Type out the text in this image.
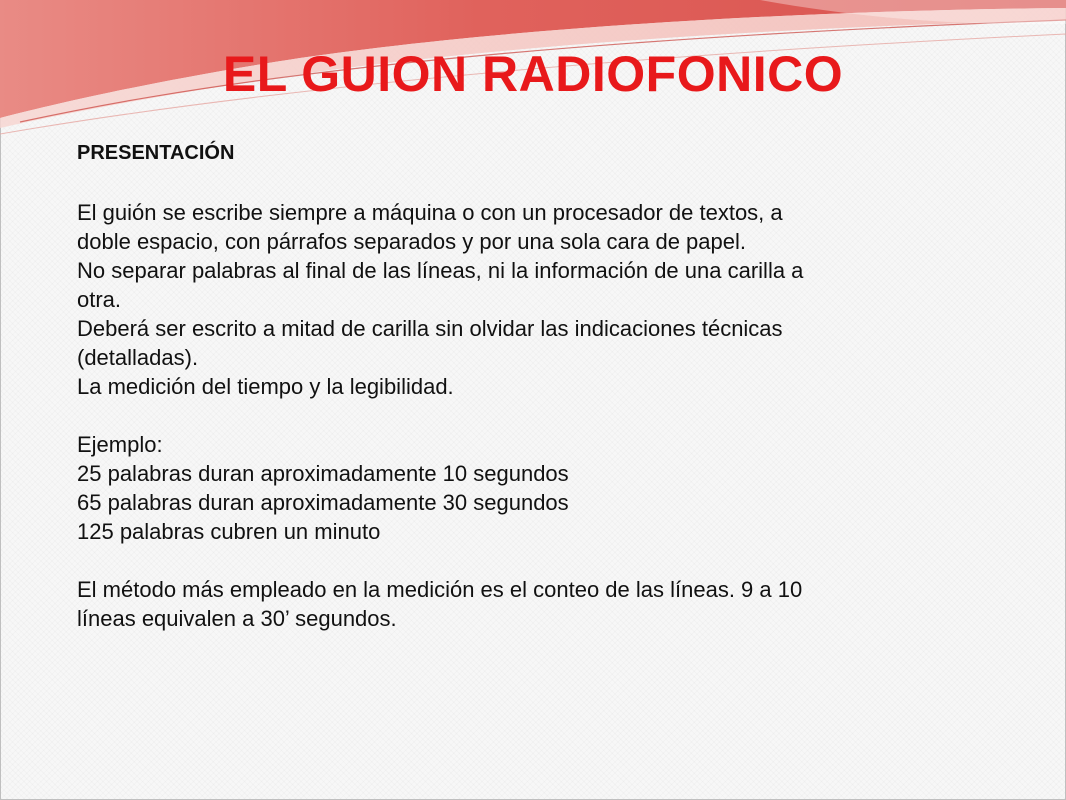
EL GUION RADIOFONICO

PRESENTACIÓN

El guión se escribe siempre a máquina o con un procesador de textos, a

doble espacio, con párrafos separados y por una sola cara de papel.

No separar palabras al final de las líneas, ni la información de una carilla a

otra.

Deberá ser escrito a mitad de carilla sin olvidar las indicaciones técnicas

(detalladas).

La medición del tiempo y la legibilidad.

Ejemplo:

25 palabras duran aproximadamente 10 segundos

65 palabras duran aproximadamente 30 segundos

125 palabras cubren un minuto

El método más empleado en la medición es el conteo de las líneas. 9 a 10

líneas equivalen a 30’ segundos.
